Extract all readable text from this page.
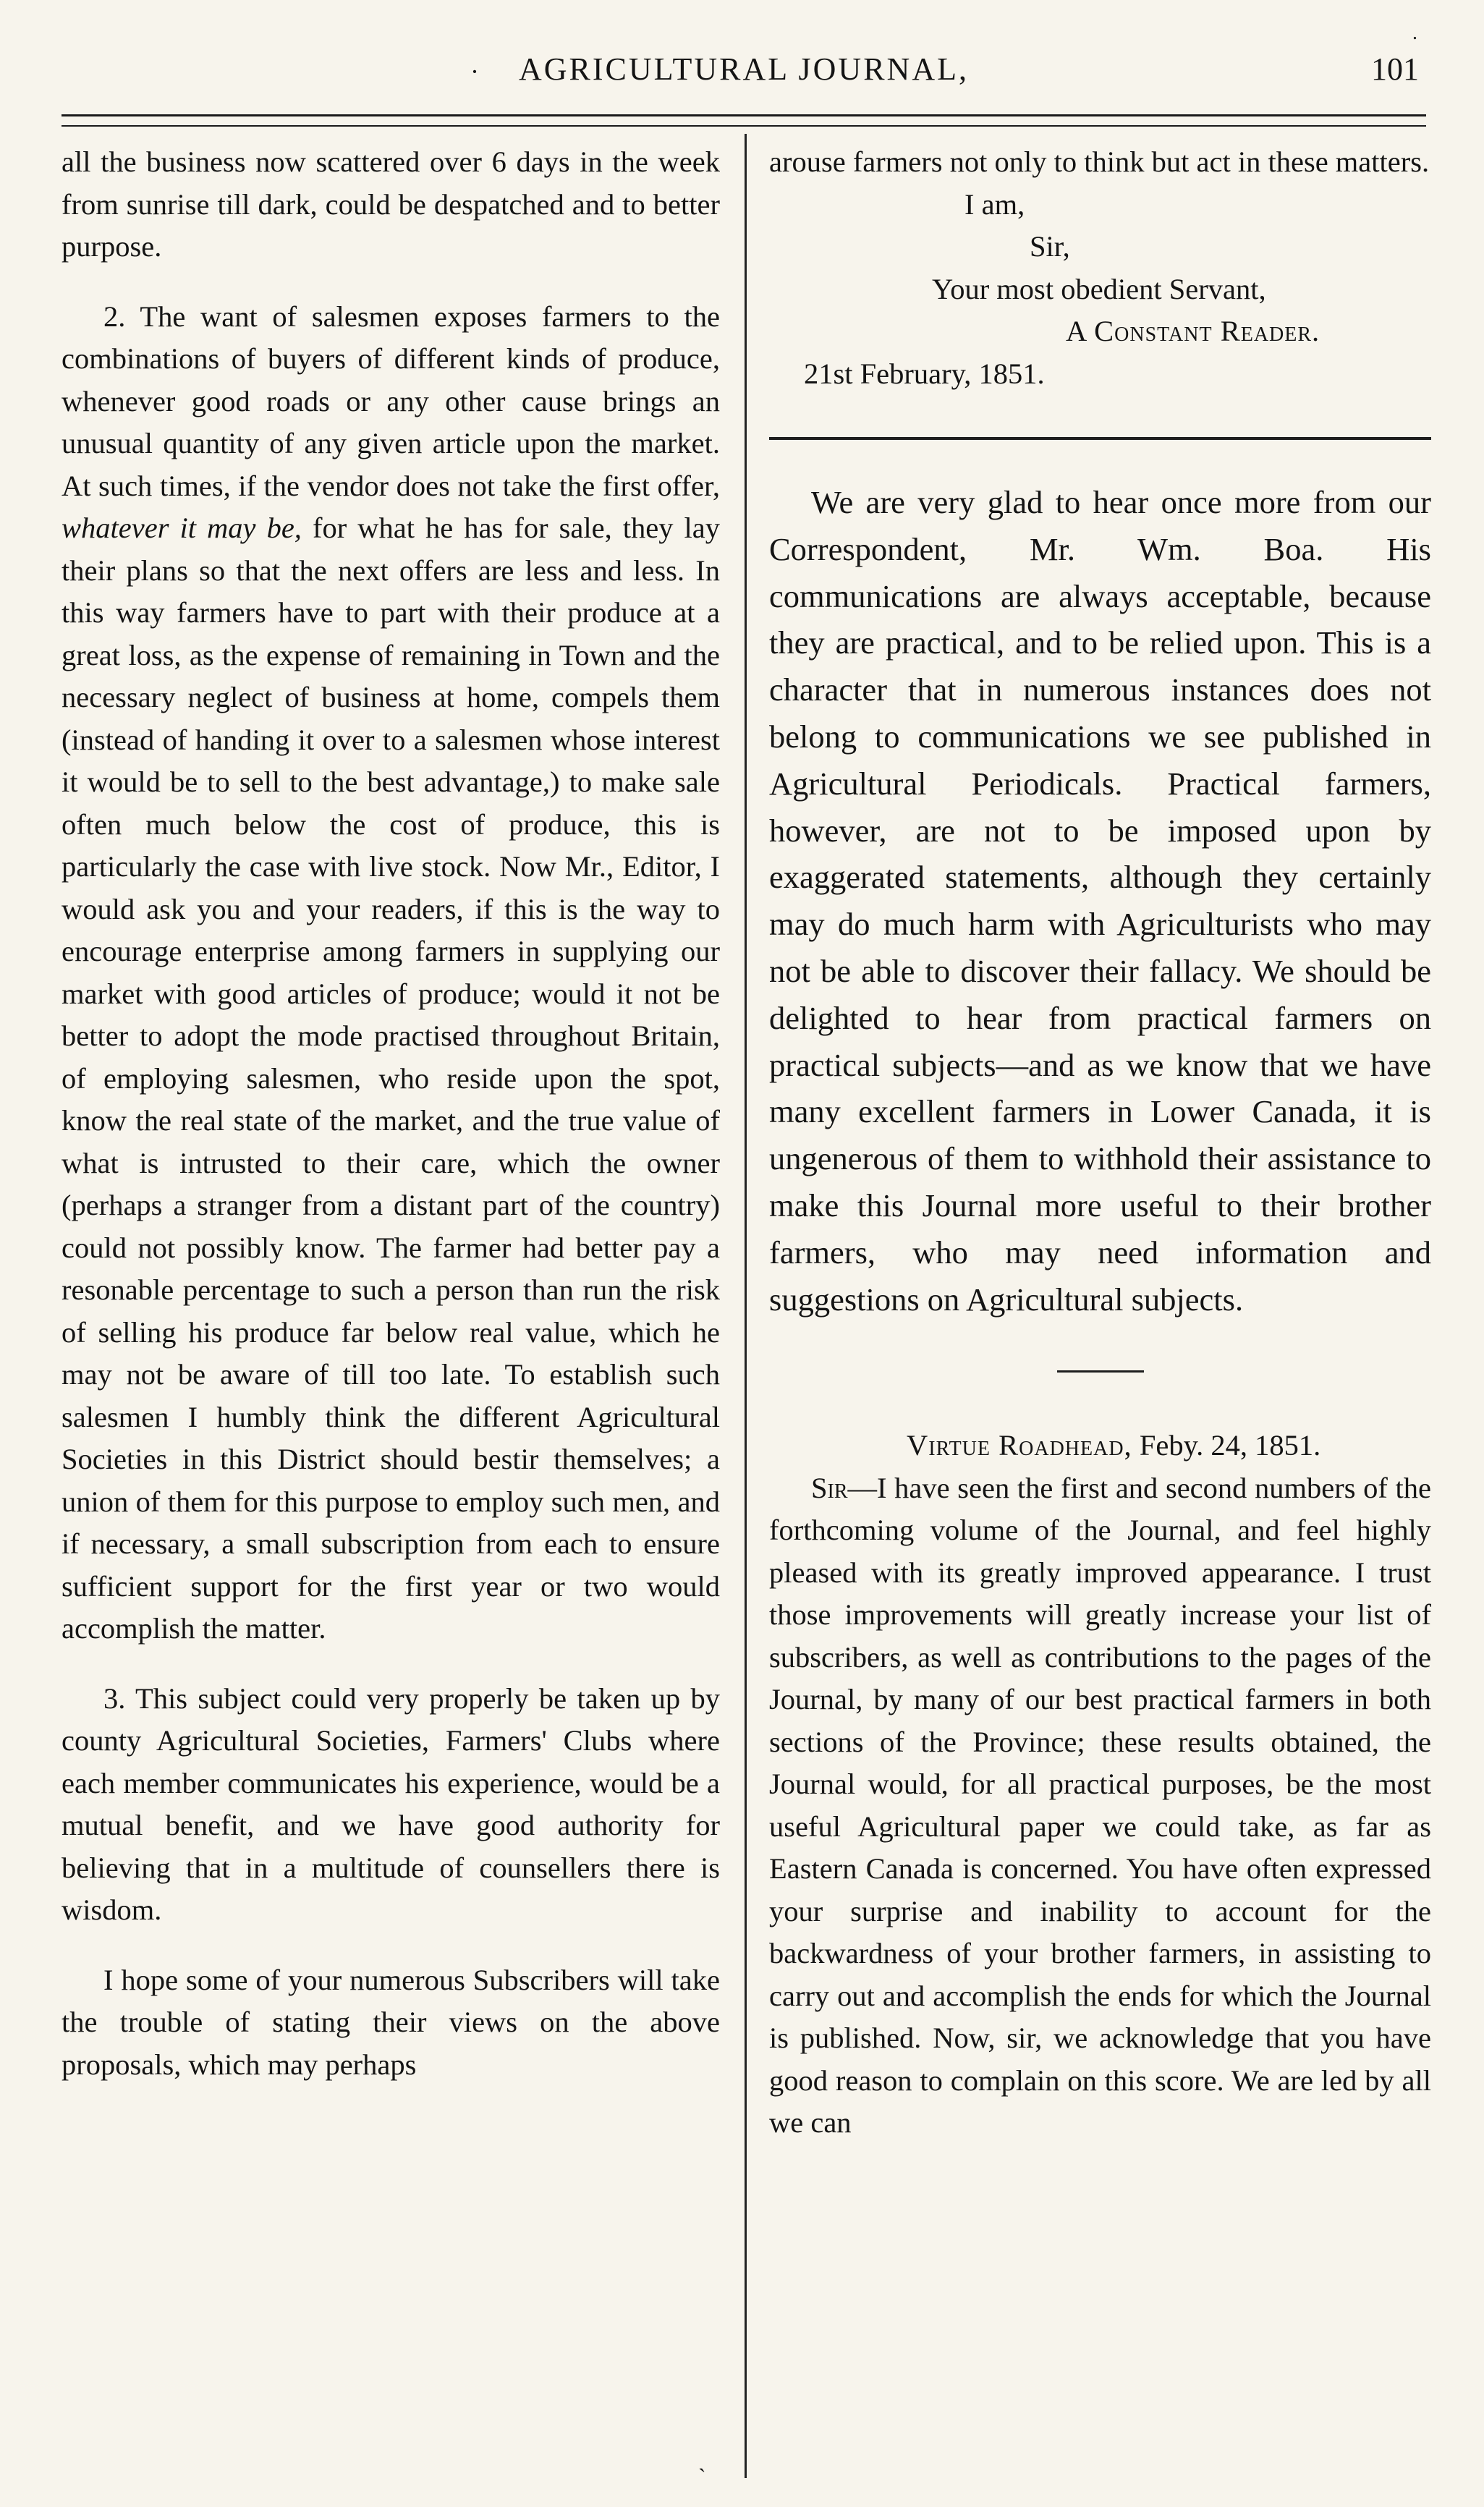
.
·	AGRICULTURAL JOURNAL,	101

all the business now scattered over 6 days in the week from sunrise till dark, could be despatched and to better purpose.

2. The want of salesmen exposes farmers to the combinations of buyers of different kinds of produce, whenever good roads or any other cause brings an unusual quantity of any given article upon the market. At such times, if the vendor does not take the first offer, whatever it may be, for what he has for sale, they lay their plans so that the next offers are less and less. In this way farmers have to part with their produce at a great loss, as the expense of remaining in Town and the necessary neglect of business at home, compels them (instead of handing it over to a salesmen whose interest it would be to sell to the best advantage,) to make sale often much below the cost of produce, this is particularly the case with live stock. Now Mr., Editor, I would ask you and your readers, if this is the way to encourage enterprise among farmers in supplying our market with good articles of produce; would it not be better to adopt the mode practised throughout Britain, of employing salesmen, who reside upon the spot, know the real state of the market, and the true value of what is intrusted to their care, which the owner (perhaps a stranger from a distant part of the country) could not possibly know. The farmer had better pay a resonable percentage to such a person than run the risk of selling his produce far below real value, which he may not be aware of till too late. To establish such salesmen I humbly think the different Agricultural Societies in this District should bestir themselves; a union of them for this purpose to employ such men, and if necessary, a small subscription from each to ensure sufficient support for the first year or two would accomplish the matter.

3. This subject could very properly be taken up by county Agricultural Societies, Farmers' Clubs where each member communicates his experience, would be a mutual benefit, and we have good authority for believing that in a multitude of counsellers there is wisdom.

I hope some of your numerous Subscribers will take the trouble of stating their views on the above proposals, which may perhaps

arouse farmers not only to think but act in these matters.

I am,
Sir,
Your most obedient Servant,
A Constant Reader.
21st February, 1851.

We are very glad to hear once more from our Correspondent, Mr. Wm. Boa. His communications are always acceptable, because they are practical, and to be relied upon. This is a character that in numerous instances does not belong to communications we see published in Agricultural Periodicals. Practical farmers, however, are not to be imposed upon by exaggerated statements, although they certainly may do much harm with Agriculturists who may not be able to discover their fallacy. We should be delighted to hear from practical farmers on practical subjects—and as we know that we have many excellent farmers in Lower Canada, it is ungenerous of them to withhold their assistance to make this Journal more useful to their brother farmers, who may need information and suggestions on Agricultural subjects.

Virtue Roadhead, Feby. 24, 1851.

Sir—I have seen the first and second numbers of the forthcoming volume of the Journal, and feel highly pleased with its greatly improved appearance. I trust those improvements will greatly increase your list of subscribers, as well as contributions to the pages of the Journal, by many of our best practical farmers in both sections of the Province; these results obtained, the Journal would, for all practical purposes, be the most useful Agricultural paper we could take, as far as Eastern Canada is concerned. You have often expressed your surprise and inability to account for the backwardness of your brother farmers, in assisting to carry out and accomplish the ends for which the Journal is published. Now, sir, we acknowledge that you have good reason to complain on this score. We are led by all we can

`
